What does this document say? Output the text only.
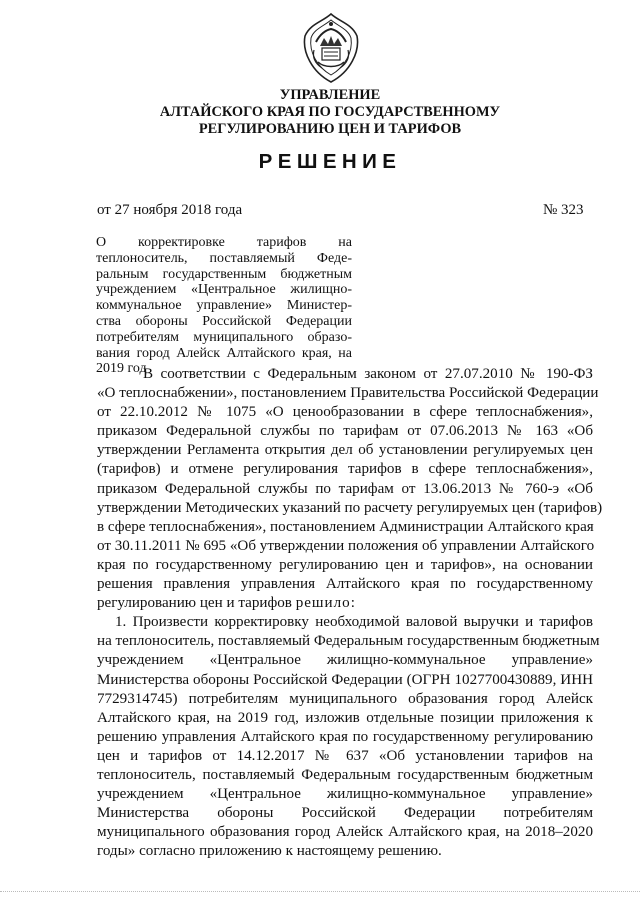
УПРАВЛЕНИЕ
АЛТАЙСКОГО КРАЯ ПО ГОСУДАРСТВЕННОМУ
РЕГУЛИРОВАНИЮ ЦЕН И ТАРИФОВ
РЕШЕНИЕ
от 27 ноября 2018 года	№ 323
О корректировке тарифов на
теплоноситель, поставляемый Феде-
ральным государственным бюджетным
учреждением «Центральное жилищно-
коммунальное управление» Министер-
ства обороны Российской Федерации
потребителям муниципального образо-
вания город Алейск Алтайского края, на
2019 год
В соответствии с Федеральным законом от 27.07.2010 № 190-ФЗ
«О теплоснабжении», постановлением Правительства Российской Федерации
от 22.10.2012 № 1075 «О ценообразовании в сфере теплоснабжения»,
приказом Федеральной службы по тарифам от 07.06.2013 № 163 «Об
утверждении Регламента открытия дел об установлении регулируемых цен
(тарифов) и отмене регулирования тарифов в сфере теплоснабжения»,
приказом Федеральной службы по тарифам от 13.06.2013 № 760-э «Об
утверждении Методических указаний по расчету регулируемых цен (тарифов)
в сфере теплоснабжения», постановлением Администрации Алтайского края
от 30.11.2011 № 695 «Об утверждении положения об управлении Алтайского
края по государственному регулированию цен и тарифов», на основании
решения правления управления Алтайского края по государственному
регулированию цен и тарифов решило:
1. Произвести корректировку необходимой валовой выручки и тарифов
на теплоноситель, поставляемый Федеральным государственным бюджетным
учреждением «Центральное жилищно-коммунальное управление»
Министерства обороны Российской Федерации (ОГРН 1027700430889, ИНН
7729314745) потребителям муниципального образования город Алейск
Алтайского края, на 2019 год, изложив отдельные позиции приложения к
решению управления Алтайского края по государственному регулированию
цен и тарифов от 14.12.2017 № 637 «Об установлении тарифов на
теплоноситель, поставляемый Федеральным государственным бюджетным
учреждением «Центральное жилищно-коммунальное управление»
Министерства обороны Российской Федерации потребителям
муниципального образования город Алейск Алтайского края, на 2018–2020
годы» согласно приложению к настоящему решению.
